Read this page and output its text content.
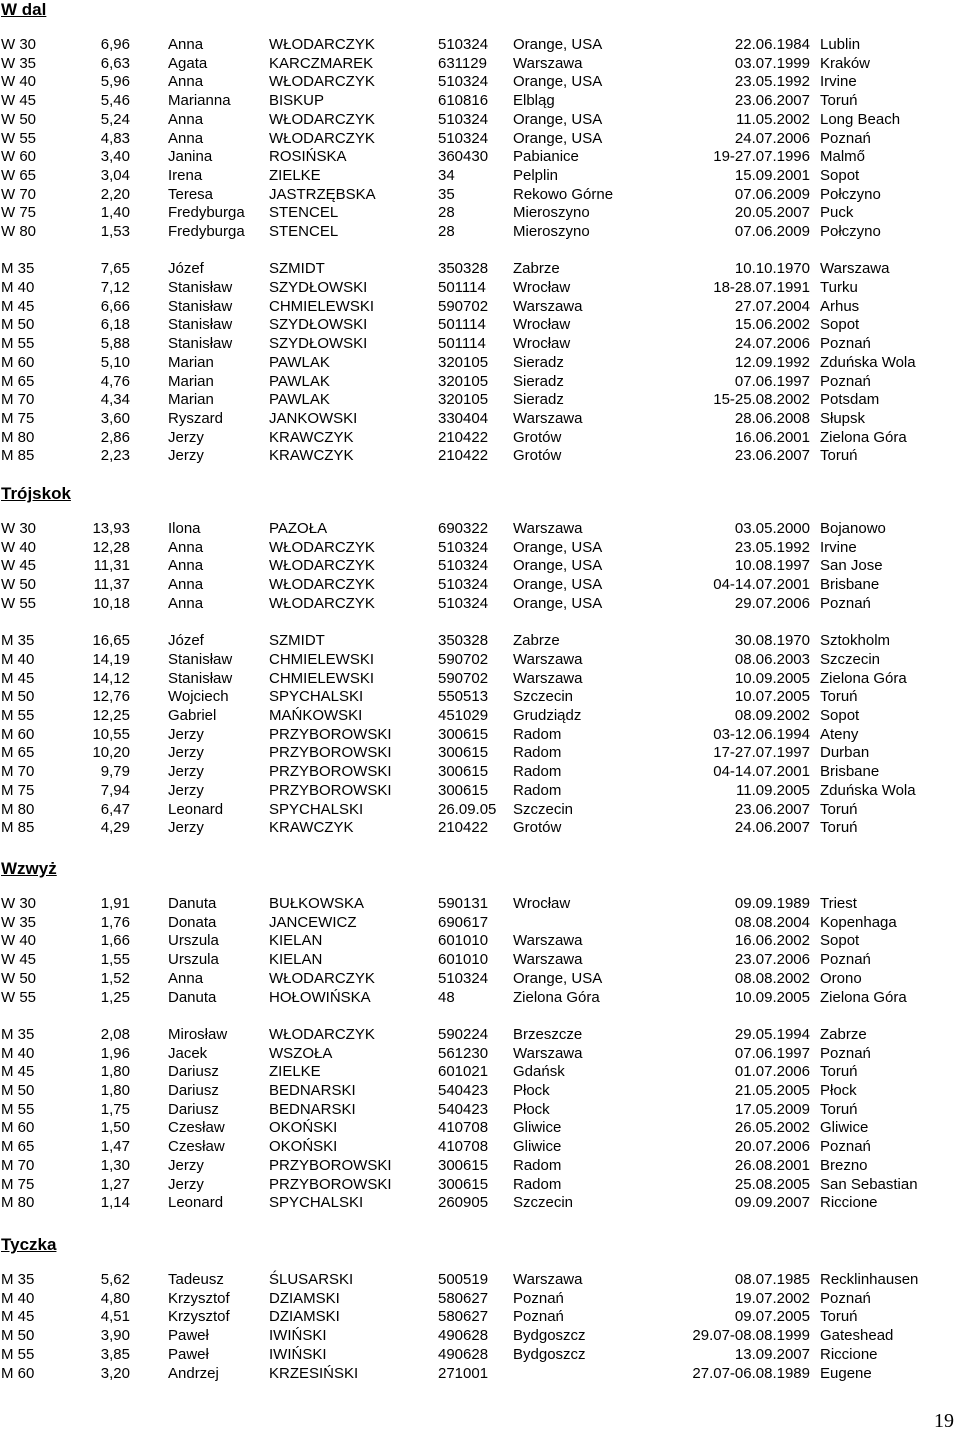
W dal
W 30	6,96	Anna	WŁODARCZYK	510324 Orange, USA	22.06.1984 Lublin
W 35	6,63	Agata	KARCZMAREK	631129 Warszawa	03.07.1999 Kraków
W 40	5,96	Anna	WŁODARCZYK	510324 Orange, USA	23.05.1992 Irvine
W 45	5,46	Marianna	BISKUP	610816 Elbląg	23.06.2007 Toruń
W 50	5,24	Anna	WŁODARCZYK	510324 Orange, USA	11.05.2002 Long Beach
W 55	4,83	Anna	WŁODARCZYK	510324 Orange, USA	24.07.2006 Poznań
W 60	3,40	Janina	ROSIŃSKA	360430 Pabianice	19-27.07.1996 Malmő
W 65	3,04	Irena	ZIELKE	34	Pelplin	15.09.2001 Sopot
W 70	2,20	Teresa	JASTRZĘBSKA	35	Rekowo Górne	07.06.2009 Połczyno
W 75	1,40	Fredyburga STENCEL	28	Mieroszyno	20.05.2007 Puck
W 80	1,53	Fredyburga STENCEL	28	Mieroszyno	07.06.2009 Połczyno
M 35	7,65	Józef	SZMIDT	350328 Zabrze	10.10.1970 Warszawa
M 40	7,12	Stanisław SZYDŁOWSKI	501114 Wrocław	18-28.07.1991 Turku
M 45	6,66	Stanisław CHMIELEWSKI	590702 Warszawa	27.07.2004 Arhus
M 50	6,18	Stanisław SZYDŁOWSKI	501114 Wrocław	15.06.2002 Sopot
M 55	5,88	Stanisław SZYDŁOWSKI	501114 Wrocław	24.07.2006 Poznań
M 60	5,10	Marian	PAWLAK	320105 Sieradz	12.09.1992 Zduńska Wola
M 65	4,76	Marian	PAWLAK	320105 Sieradz	07.06.1997 Poznań
M 70	4,34	Marian	PAWLAK	320105 Sieradz	15-25.08.2002 Potsdam
M 75	3,60	Ryszard	JANKOWSKI	330404 Warszawa	28.06.2008 Słupsk
M 80	2,86	Jerzy	KRAWCZYK	210422 Grotów	16.06.2001 Zielona Góra
M 85	2,23	Jerzy	KRAWCZYK	210422 Grotów	23.06.2007 Toruń
Trójskok
W 30	13,93	Ilona	PAZOŁA	690322 Warszawa	03.05.2000 Bojanowo
W 40	12,28	Anna	WŁODARCZYK	510324 Orange, USA	23.05.1992 Irvine
W 45	11,31	Anna	WŁODARCZYK	510324 Orange, USA	10.08.1997 San Jose
W 50	11,37	Anna	WŁODARCZYK	510324 Orange, USA	04-14.07.2001 Brisbane
W 55	10,18	Anna	WŁODARCZYK	510324 Orange, USA	29.07.2006 Poznań
M 35	16,65	Józef	SZMIDT	350328 Zabrze	30.08.1970 Sztokholm
M 40	14,19	Stanisław CHMIELEWSKI	590702 Warszawa	08.06.2003 Szczecin
M 45	14,12	Stanisław CHMIELEWSKI	590702 Warszawa	10.09.2005 Zielona Góra
M 50	12,76	Wojciech	SPYCHALSKI	550513 Szczecin	10.07.2005 Toruń
M 55	12,25	Gabriel	MAŃKOWSKI	451029 Grudziądz	08.09.2002 Sopot
M 60	10,55	Jerzy	PRZYBOROWSKI	300615 Radom	03-12.06.1994 Ateny
M 65	10,20	Jerzy	PRZYBOROWSKI	300615 Radom	17-27.07.1997 Durban
M 70	9,79	Jerzy	PRZYBOROWSKI	300615 Radom	04-14.07.2001 Brisbane
M 75	7,94	Jerzy	PRZYBOROWSKI	300615 Radom	11.09.2005 Zduńska Wola
M 80	6,47	Leonard	SPYCHALSKI	26.09.05 Szczecin	23.06.2007 Toruń
M 85	4,29	Jerzy	KRAWCZYK	210422 Grotów	24.06.2007 Toruń
Wzwyż
W 30	1,91	Danuta	BUŁKOWSKA	590131 Wrocław	09.09.1989 Triest
W 35	1,76	Donata	JANCEWICZ	690617	08.08.2004 Kopenhaga
W 40	1,66	Urszula	KIELAN	601010 Warszawa	16.06.2002 Sopot
W 45	1,55	Urszula	KIELAN	601010 Warszawa	23.07.2006 Poznań
W 50	1,52	Anna	WŁODARCZYK	510324 Orange, USA	08.08.2002 Orono
W 55	1,25	Danuta	HOŁOWIŃSKA	48	Zielona Góra	10.09.2005 Zielona Góra
M 35	2,08	Mirosław	WŁODARCZYK	590224 Brzeszcze	29.05.1994 Zabrze
M 40	1,96	Jacek	WSZOŁA	561230 Warszawa	07.06.1997 Poznań
M 45	1,80	Dariusz	ZIELKE	601021 Gdańsk	01.07.2006 Toruń
M 50	1,80	Dariusz	BEDNARSKI	540423 Płock	21.05.2005 Płock
M 55	1,75	Dariusz	BEDNARSKI	540423 Płock	17.05.2009 Toruń
M 60	1,50	Czesław	OKOŃSKI	410708 Gliwice	26.05.2002 Gliwice
M 65	1,47	Czesław	OKOŃSKI	410708 Gliwice	20.07.2006 Poznań
M 70	1,30	Jerzy	PRZYBOROWSKI	300615 Radom	26.08.2001 Brezno
M 75	1,27	Jerzy	PRZYBOROWSKI	300615 Radom	25.08.2005 San Sebastian
M 80	1,14	Leonard	SPYCHALSKI	260905 Szczecin	09.09.2007 Riccione
Tyczka
M 35	5,62	Tadeusz	ŚLUSARSKI	500519 Warszawa	08.07.1985 Recklinhausen
M 40	4,80	Krzysztof	DZIAMSKI	580627 Poznań	19.07.2002 Poznań
M 45	4,51	Krzysztof	DZIAMSKI	580627 Poznań	09.07.2005 Toruń
M 50	3,90	Paweł	IWIŃSKI	490628 Bydgoszcz	29.07-08.08.1999 Gateshead
M 55	3,85	Paweł	IWIŃSKI	490628 Bydgoszcz	13.09.2007 Riccione
M 60	3,20	Andrzej	KRZESIŃSKI	271001	27.07-06.08.1989 Eugene
19
